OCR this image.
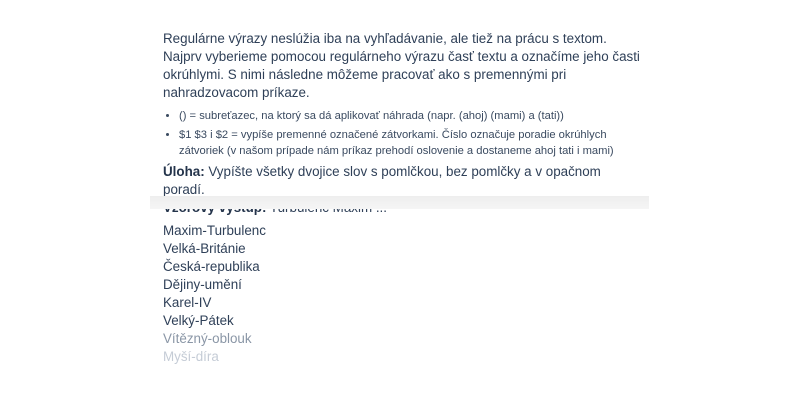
Regulárne výrazy neslúžia iba na vyhľadávanie, ale tiež na prácu s textom. Najprv vyberieme pomocou regulárneho výrazu časť textu a označíme jeho časti okrúhlymi. S nimi následne môžeme pracovať ako s premennými pri nahradzovacom príkaze.

• () = subreťazec, na ktorý sa dá aplikovať náhrada (napr. (ahoj) (mami) a (tati))
• $1 $3 i $2 = vypíše premenné označené zátvorkami. Číslo označuje poradie okrúhlych zátvoriek (v našom prípade nám príkaz prehodí oslovenie a dostaneme ahoj tati i mami)

Úloha: Vypíšte všetky dvojice slov s pomlčkou, bez pomlčky a v opačnom poradí.

Maxim-Turbulenc
Velká-Británie
Česká-republika
Dějiny-umění
Karel-IV
Velký-Pátek
Vítězný-oblouk
Myší-díra
